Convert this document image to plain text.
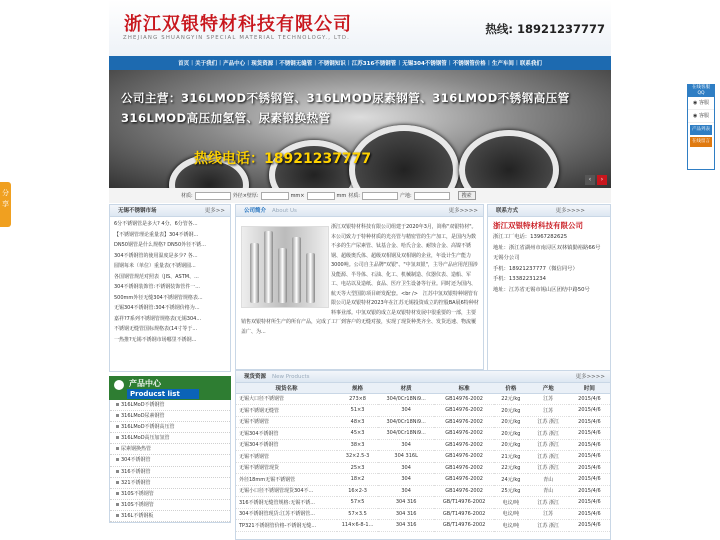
浙江双银特材科技有限公司
ZHEJIANG SHUANGYIN SPECIAL MATERIAL TECHNOLOGY., LTD.
热线: 18921237777
首页 | 关于我们 | 产品中心 | 现货资源 | 不锈钢无缝管 | 不锈钢知识 | 江苏316不锈钢管 | 无锡304不锈钢管 | 不锈钢管价格 | 生产车间 | 联系我们
公司主营：316LMOD不锈钢管、316LMOD尿素钢管、316LMOD不锈钢高压管
316LMOD高压加氢管、尿素钢换热管
热线电话：18921237777
‹	›
材质:	外径×壁厚:	mm×	mm 材质:	产地:	搜索
无锡不锈钢市场	更多>>
6分不锈钢管是多大? 4分、6分管各...
【不锈钢管理论重量表】304不锈钢...
DN50钢管是什么规格? DN50外径不锈...
304不锈钢管的使用温度是多少? 各...
圆钢每米（单位）重量表(不锈钢圆...
各国钢管规范对照表（JIS、ASTM、...
304不锈钢装饰管:不锈钢装饰管件一...
500mm外径无缝304不锈钢管规格表...
无锡304不锈钢管:304不锈钢价格为...
嘉祥?7系列不锈钢管规格表(无锡304...
不锈钢无缝管国标规格表(14寸等于...
一热推?无锡不锈钢市场哪里不锈钢...
公司简介 About Us	更多>>>>
浙江双银特材科技有限公司组建于2020年3月，简称"双银特材"。本公司致力于特种材质的光亮管与精密管的生产加工，是国内为数不多的生产尿素管、钛基合金、哈氏合金、耐蚀合金、高镍不锈钢、超级奥氏体、超级双相钢及双相钢的企业，年设计生产能力3000吨。公司自主品牌"双银"、"中氢双银"，主导产品应用范围涉及能源、半导体、石油、化工、机械制造、仪器仪表、造船、军工、电站以及造纸、食品、医疗卫生设备等行业。同时还为国内、航天等大型国防项目研发配套。<br />　江苏中氢双银特种钢管有限公司是双银特材2023年在江苏无锡投资成立的控股BA展6特种材料事业部。中氢双银的成立是双银特材发展中很重要的一部，主要销售双银特材所生产的所有产品，完成了工厂到客户的无缝对接，实现了现货种类齐全、发货迅速、物流覆盖广、为...
联系方式	更多>>>>
浙江双银特材科技有限公司
浙江工厂电话：13967282625
地址：浙江省湖州市南浔区双林镇勤裕路66号
无锡分公司
手机：18921237777（微信同号）
手机：13382231234
地址：江苏省无锡市锡山区团结中路50号
产品中心
Producst list
316LMoD不锈钢管
316LMoD尿素钢管
316LMoD不锈钢高压管
316LMoD高压加氢管
尿素钢换热管
304不锈钢管
316不锈钢管
321不锈钢管
310S不锈钢管
310S不锈钢管
316L不锈钢板
现货资源 New Products	更多>>>>
现货名称	规格	材质	标准	价格	产地	时间
无锡大口径不锈钢管	273×8	304/0Cr18Ni9...	GB14976-2002	22元/kg	江苏	2015/4/6
无锡不锈钢无缝管	51×3	304	GB14976-2002	20元/kg	江苏	2015/4/6
无锡不锈钢管	48×3	304/0Cr18Ni9...	GB14976-2002	20元/kg	江苏 浙江	2015/4/6
无锡304不锈钢管	45×3	304/0Cr18Ni9...	GB14976-2002	20元/kg	江苏 浙江	2015/4/6
无锡304不锈钢管	38×3	304	GB14976-2002	20元/kg	江苏 浙江	2015/4/6
无锡不锈钢管	32×2.5-3	304 316L	GB14976-2002	21元/kg	江苏 浙江	2015/4/6
无锡不锈钢管现货	25×3	304	GB14976-2002	22元/kg	江苏 浙江	2015/4/6
外径18mm无锡不锈钢管	18×2	304	GB14976-2002	24元/kg	青山	2015/4/6
无锡小口径不锈钢管现货304不...	16×2-3	304	GB14976-2002	25元/kg	青山	2015/4/6
316不锈钢无缝管规格:无锡不锈...	57×5	304 316	GB/T14976-2002	电议/吨	江苏 浙江	2015/4/6
304不锈钢管现货:江苏不锈钢管...	57×3.5	304 316	GB/T14976-2002	电议/吨	江苏	2015/4/6
TP321不锈钢管价格-不锈钢无缝...	114×6-8-1...	304 316	GB/T14976-2002	电议/吨	江苏 浙江	2015/4/6
分享
在线客服 QQ
◉ 客服
◉ 客服
产品列表
在线留言
